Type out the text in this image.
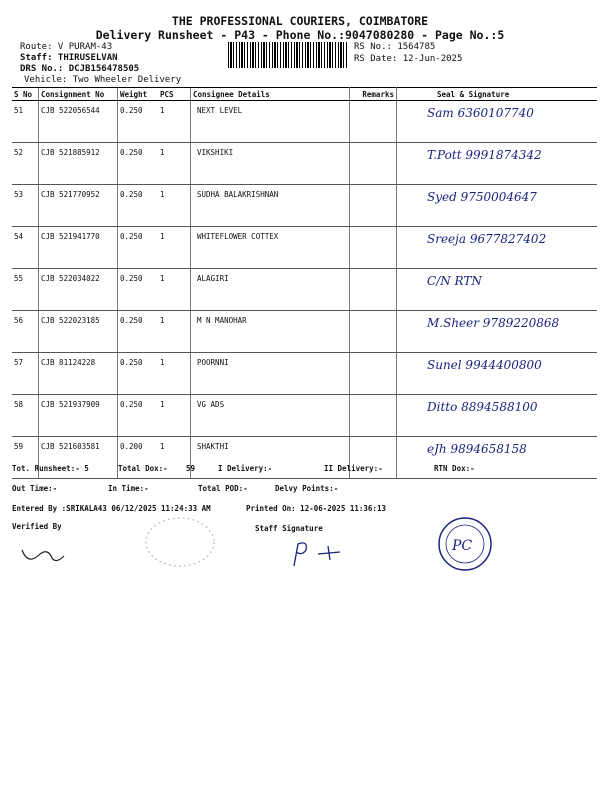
THE PROFESSIONAL COURIERS, COIMBATORE
Delivery Runsheet - P43 - Phone No.:9047080280 - Page No.:5
Route: V PURAM-43
Staff: THIRUSELVAN
DRS No.: DCJB156478505
Vehicle: Two Wheeler Delivery
RS No.: 1564785
RS Date: 12-Jun-2025
S No	Consignment No	Weight	PCS	Consignee Details	Remarks	Seal & Signature
51	CJB 522056544	0.250	1	NEXT LEVEL		Sam 6360107740
52	CJB 521885912	0.250	1	VIKSHIKI		T.Pott 9991874342
53	CJB 521770952	0.250	1	SUDHA BALAKRISHNAN		Syed 9750004647
54	CJB 521941770	0.250	1	WHITEFLOWER COTTEX		Sreeja 9677827402
55	CJB 522034022	0.250	1	ALAGIRI		C/N RTN
56	CJB 522023185	0.250	1	M N MANOHAR		M.Sheer 9789220868
57	CJB 81124228	0.250	1	POORNNI		Sunel 9944400800
58	CJB 521937909	0.250	1	VG ADS		Ditto 8894588100
59	CJB 521603581	0.200	1	SHAKTHI		eJh 9894658158
Tot. Runsheet:- 5	Total Dox:- 59	I Delivery:-	II Delivery:-	RTN Dox:-
Out Time:-	In Time:-	Total POD:-	Delvy Points:-
Entered By :SRIKALA43 06/12/2025 11:24:33 AM	Printed On: 12-06-2025 11:36:13
Verified By	Staff Signature
PC
